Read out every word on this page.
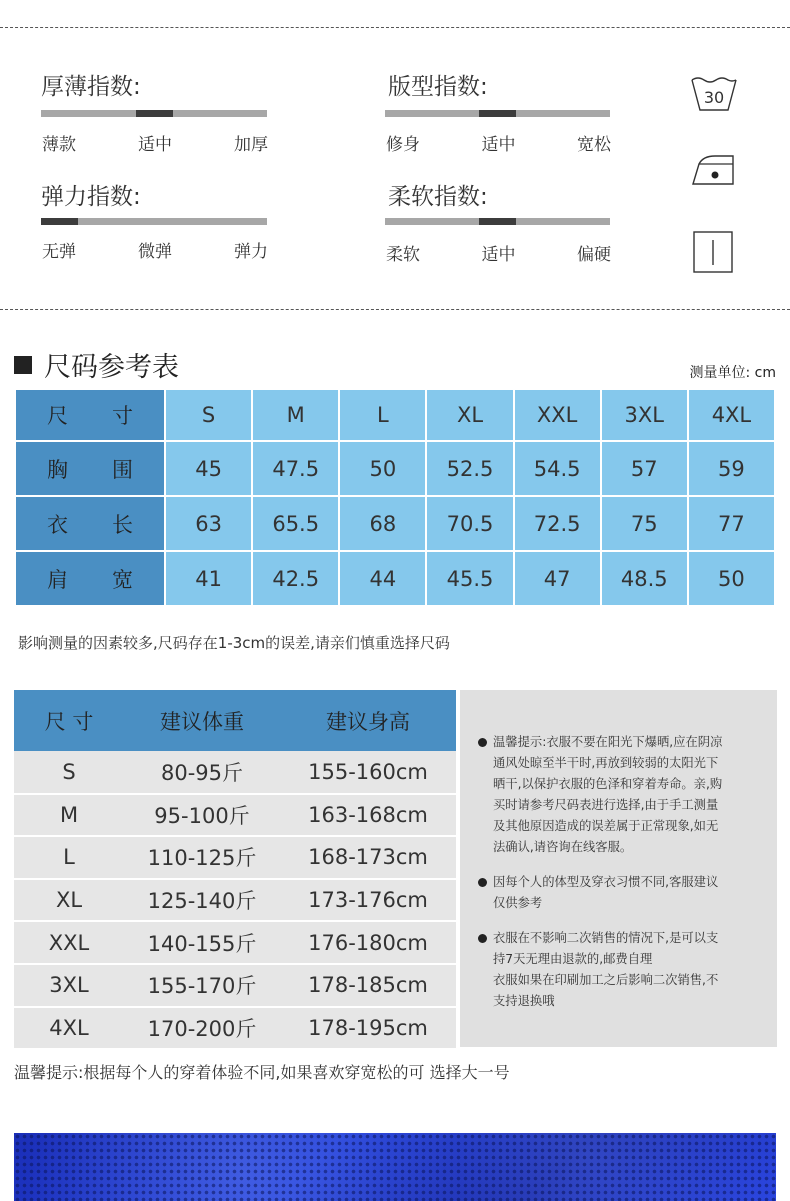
厚薄指数:
薄款	适中	加厚
版型指数:
修身	适中	宽松
弹力指数:
无弹	微弹	弹力
柔软指数:
柔软	适中	偏硬
30
尺码参考表	测量单位: cm
尺 寸	S	M	L	XL	XXL	3XL	4XL
胸 围	45	47.5	50	52.5	54.5	57	59
衣 长	63	65.5	68	70.5	72.5	75	77
肩 宽	41	42.5	44	45.5	47	48.5	50
影响测量的因素较多,尺码存在1-3cm的误差,请亲们慎重选择尺码
尺 寸	建议体重	建议身高
S	80-95斤	155-160cm
M	95-100斤	163-168cm
L	110-125斤	168-173cm
XL	125-140斤	173-176cm
XXL	140-155斤	176-180cm
3XL	155-170斤	178-185cm
4XL	170-200斤	178-195cm

温馨提示:衣服不要在阳光下爆晒,应在阴凉

通风处晾至半干时,再放到较弱的太阳光下

晒干,以保护衣服的色泽和穿着寿命。亲,购

买时请参考尺码表进行选择,由于手工测量

及其他原因造成的误差属于正常现象,如无

法确认,请咨询在线客服。

因每个人的体型及穿衣习惯不同,客服建议

仅供参考

衣服在不影响二次销售的情况下,是可以支

持7天无理由退款的,邮费自理

衣服如果在印刷加工之后影响二次销售,不

支持退换哦

温馨提示:根据每个人的穿着体验不同,如果喜欢穿宽松的可 选择大一号
